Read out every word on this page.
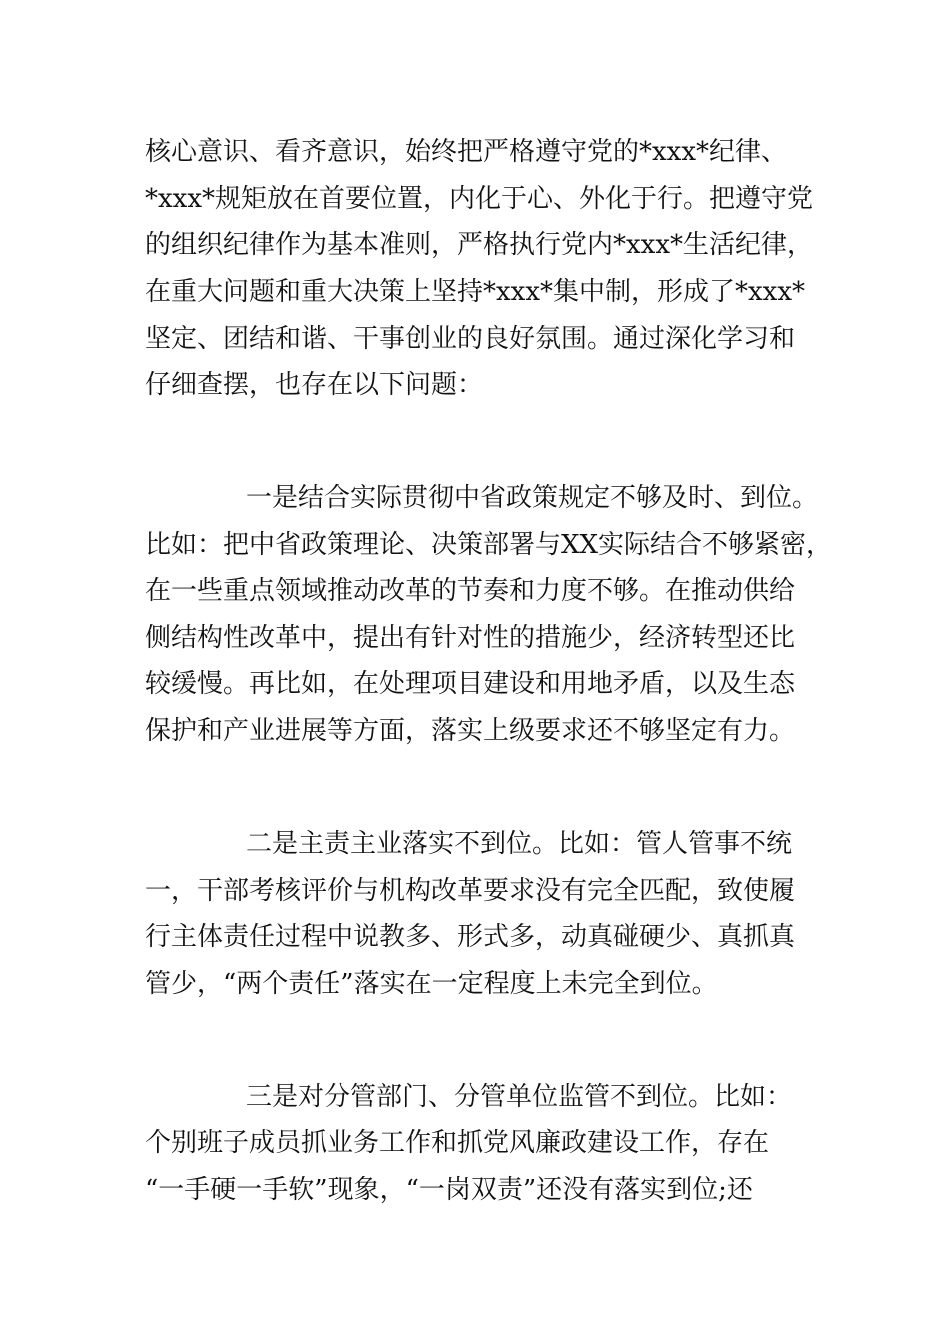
核心意识、看齐意识，始终把严格遵守党的*xxx*纪律、
*xxx*规矩放在首要位置，内化于心、外化于行。把遵守党
的组织纪律作为基本准则，严格执行党内*xxx*生活纪律，
在重大问题和重大决策上坚持*xxx*集中制，形成了*xxx*
坚定、团结和谐、干事创业的良好氛围。通过深化学习和
仔细查摆，也存在以下问题：
一是结合实际贯彻中省政策规定不够及时、到位。
比如：把中省政策理论、决策部署与XX实际结合不够紧密，
在一些重点领域推动改革的节奏和力度不够。在推动供给
侧结构性改革中，提出有针对性的措施少，经济转型还比
较缓慢。再比如，在处理项目建设和用地矛盾，以及生态
保护和产业进展等方面，落实上级要求还不够坚定有力。
二是主责主业落实不到位。比如：管人管事不统
一，干部考核评价与机构改革要求没有完全匹配，致使履
行主体责任过程中说教多、形式多，动真碰硬少、真抓真
管少，“两个责任”落实在一定程度上未完全到位。
三是对分管部门、分管单位监管不到位。比如：
个别班子成员抓业务工作和抓党风廉政建设工作，存在
“一手硬一手软”现象，“一岗双责”还没有落实到位;还
